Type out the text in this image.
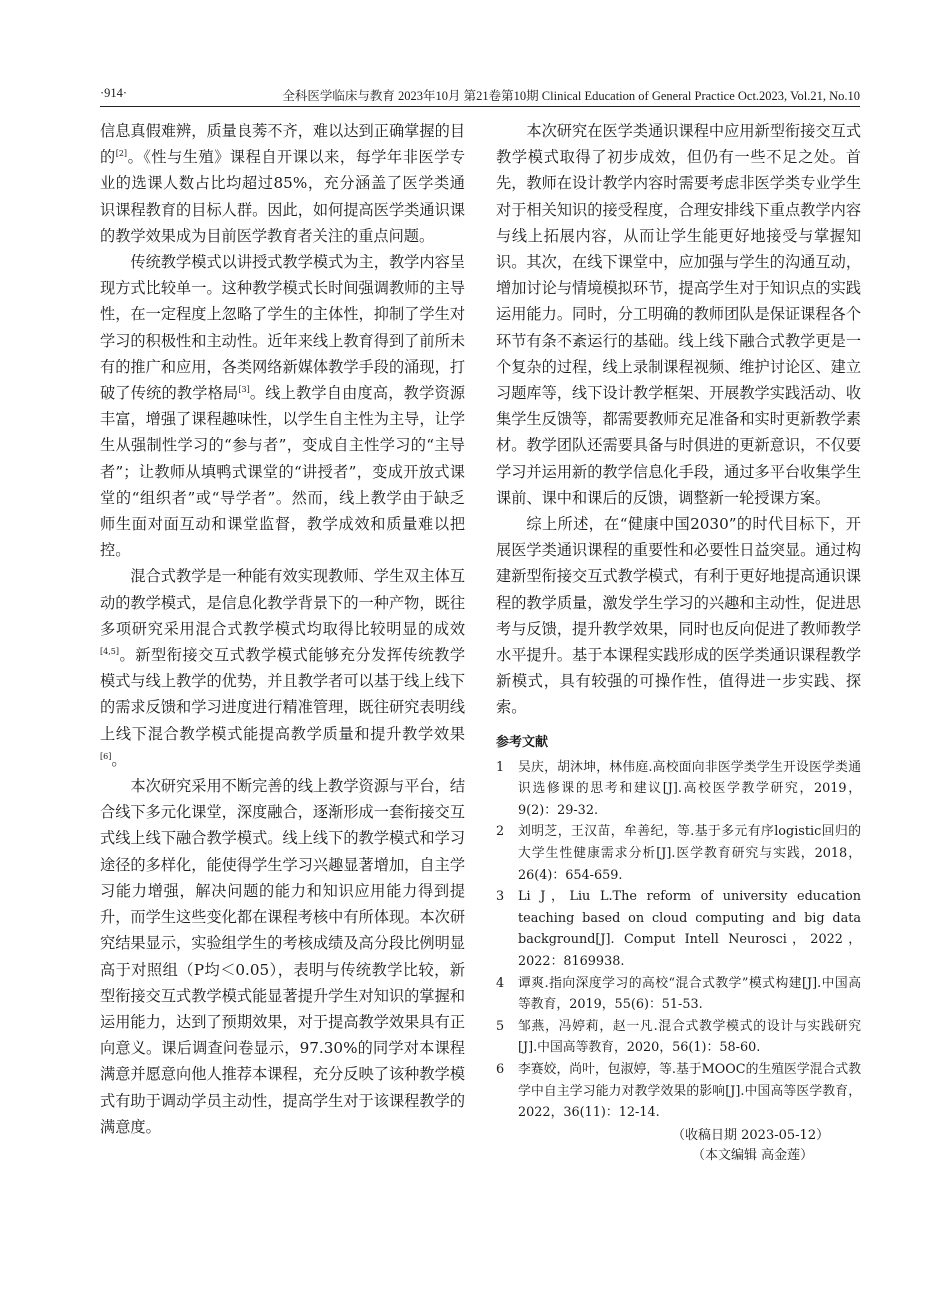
·914·	全科医学临床与教育 2023年10月 第21卷第10期 Clinical Education of General Practice Oct.2023, Vol.21, No.10

信息真假难辨，质量良莠不齐，难以达到正确掌握的目的[2]。《性与生殖》课程自开课以来，每学年非医学专业的选课人数占比均超过85%，充分涵盖了医学类通识课程教育的目标人群。因此，如何提高医学类通识课的教学效果成为目前医学教育者关注的重点问题。

传统教学模式以讲授式教学模式为主，教学内容呈现方式比较单一。这种教学模式长时间强调教师的主导性，在一定程度上忽略了学生的主体性，抑制了学生对学习的积极性和主动性。近年来线上教育得到了前所未有的推广和应用，各类网络新媒体教学手段的涌现，打破了传统的教学格局[3]。线上教学自由度高，教学资源丰富，增强了课程趣味性，以学生自主性为主导，让学生从强制性学习的“参与者”，变成自主性学习的“主导者”；让教师从填鸭式课堂的“讲授者”，变成开放式课堂的“组织者”或“导学者”。然而，线上教学由于缺乏师生面对面互动和课堂监督，教学成效和质量难以把控。

混合式教学是一种能有效实现教师、学生双主体互动的教学模式，是信息化教学背景下的一种产物，既往多项研究采用混合式教学模式均取得比较明显的成效[4,5]。新型衔接交互式教学模式能够充分发挥传统教学模式与线上教学的优势，并且教学者可以基于线上线下的需求反馈和学习进度进行精准管理，既往研究表明线上线下混合教学模式能提高教学质量和提升教学效果[6]。

本次研究采用不断完善的线上教学资源与平台，结合线下多元化课堂，深度融合，逐渐形成一套衔接交互式线上线下融合教学模式。线上线下的教学模式和学习途径的多样化，能使得学生学习兴趣显著增加，自主学习能力增强，解决问题的能力和知识应用能力得到提升，而学生这些变化都在课程考核中有所体现。本次研究结果显示，实验组学生的考核成绩及高分段比例明显高于对照组（P均＜0.05），表明与传统教学比较，新型衔接交互式教学模式能显著提升学生对知识的掌握和运用能力，达到了预期效果，对于提高教学效果具有正向意义。课后调查问卷显示，97.30%的同学对本课程满意并愿意向他人推荐本课程，充分反映了该种教学模式有助于调动学员主动性，提高学生对于该课程教学的满意度。

本次研究在医学类通识课程中应用新型衔接交互式教学模式取得了初步成效，但仍有一些不足之处。首先，教师在设计教学内容时需要考虑非医学类专业学生对于相关知识的接受程度，合理安排线下重点教学内容与线上拓展内容，从而让学生能更好地接受与掌握知识。其次，在线下课堂中，应加强与学生的沟通互动，增加讨论与情境模拟环节，提高学生对于知识点的实践运用能力。同时，分工明确的教师团队是保证课程各个环节有条不紊运行的基础。线上线下融合式教学更是一个复杂的过程，线上录制课程视频、维护讨论区、建立习题库等，线下设计教学框架、开展教学实践活动、收集学生反馈等，都需要教师充足准备和实时更新教学素材。教学团队还需要具备与时俱进的更新意识，不仅要学习并运用新的教学信息化手段，通过多平台收集学生课前、课中和课后的反馈，调整新一轮授课方案。

综上所述，在“健康中国2030”的时代目标下，开展医学类通识课程的重要性和必要性日益突显。通过构建新型衔接交互式教学模式，有利于更好地提高通识课程的教学质量，激发学生学习的兴趣和主动性，促进思考与反馈，提升教学效果，同时也反向促进了教师教学水平提升。基于本课程实践形成的医学类通识课程教学新模式，具有较强的可操作性，值得进一步实践、探索。

参考文献
1	吴庆，胡沐坤，林伟庭.高校面向非医学类学生开设医学类通识选修课的思考和建议[J].高校医学教学研究，2019，9(2)：29-32.
2	刘明芝，王汉苗，牟善纪，等.基于多元有序logistic回归的大学生性健康需求分析[J].医学教育研究与实践，2018，26(4)：654-659.
3	Li J，Liu L.The reform of university education teaching based on cloud computing and big data background[J]. Comput Intell Neurosci，2022，2022：8169938.
4	谭爽.指向深度学习的高校“混合式教学”模式构建[J].中国高等教育，2019，55(6)：51-53.
5	邹燕，冯婷莉，赵一凡.混合式教学模式的设计与实践研究[J].中国高等教育，2020，56(1)：58-60.
6	李赛姣，尚叶，包淑婷，等.基于MOOC的生殖医学混合式教学中自主学习能力对教学效果的影响[J].中国高等医学教育，2022，36(11)：12-14.
（收稿日期 2023-05-12）
（本文编辑 高金莲）
